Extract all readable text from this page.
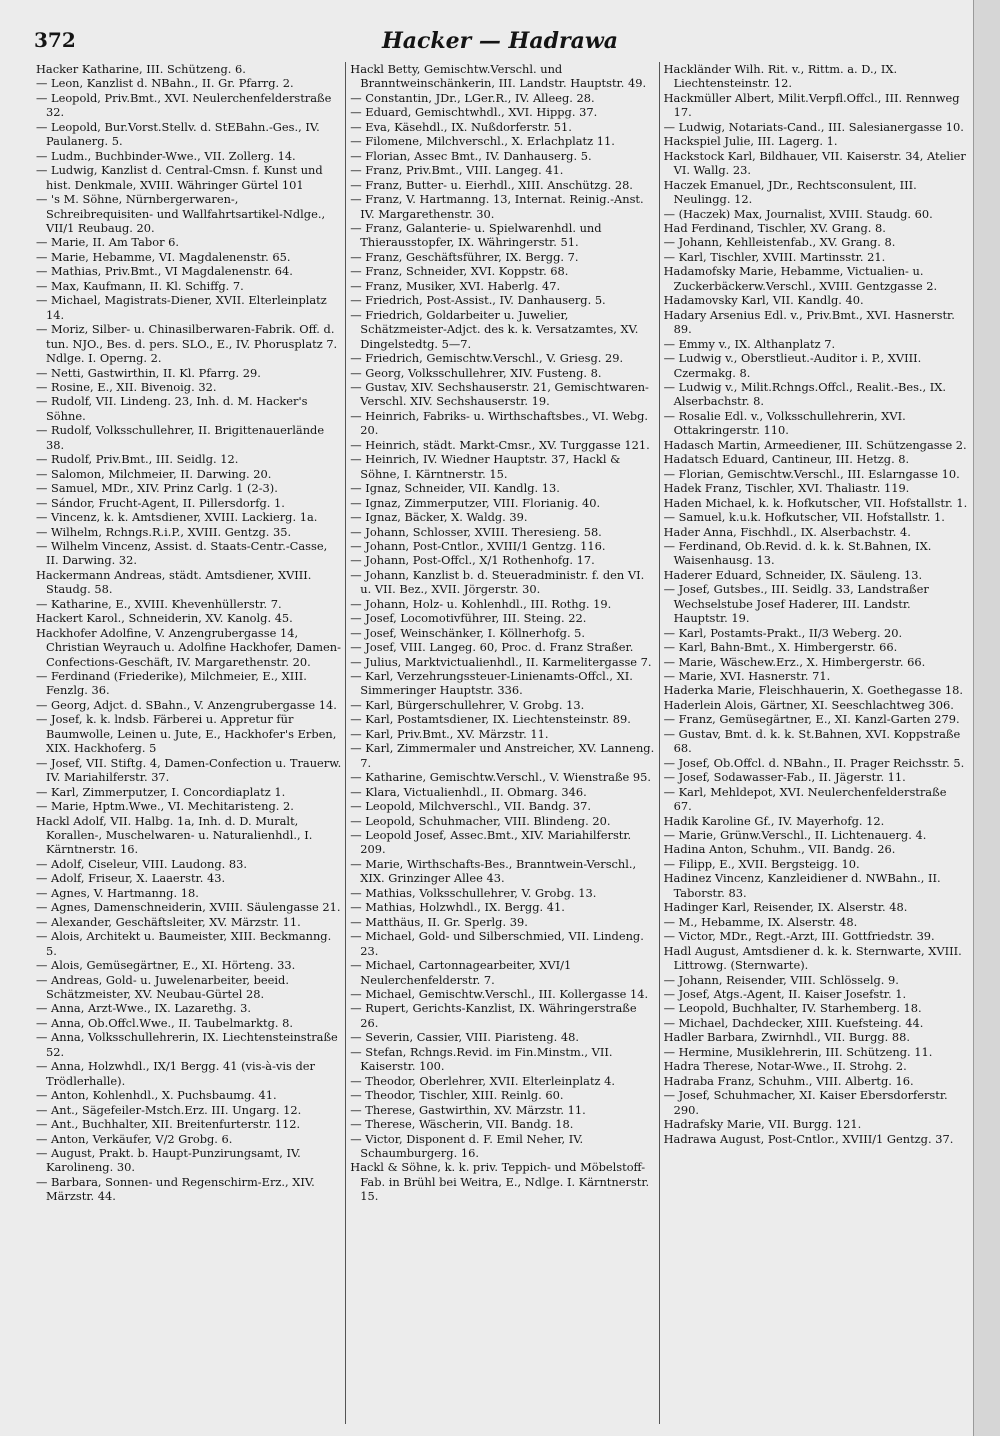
372	Hacker — Hadrawa
Hacker Katharine, III. Schützeng. 6.
— Leon, Kanzlist d. NBahn., II. Gr. Pfarrg. 2.
— Leopold, Priv.Bmt., XVI. Neulerchenfelderstraße 32.
— Leopold, Bur.Vorst.Stellv. d. StEBahn.-Ges., IV. Paulanerg. 5.
— Ludm., Buchbinder-Wwe., VII. Zollerg. 14.
— Ludwig, Kanzlist d. Central-Cmsn. f. Kunst und hist. Denkmale, XVIII. Währinger Gürtel 101
— 's M. Söhne, Nürnbergerwaren-, Schreibrequisiten- und Wallfahrtsartikel-Ndlge., VII/1 Reubaug. 20.
— Marie, II. Am Tabor 6.
— Marie, Hebamme, VI. Magdalenenstr. 65.
— Mathias, Priv.Bmt., VI Magdalenenstr. 64.
— Max, Kaufmann, II. Kl. Schiffg. 7.
— Michael, Magistrats-Diener, XVII. Elterleinplatz 14.
— Moriz, Silber- u. Chinasilberwaren-Fabrik. Off. d. tun. NJO., Bes. d. pers. SLO., E., IV. Phorusplatz 7. Ndlge. I. Operng. 2.
— Netti, Gastwirthin, II. Kl. Pfarrg. 29.
— Rosine, E., XII. Bivenoig. 32.
— Rudolf, VII. Lindeng. 23, Inh. d. M. Hacker's Söhne.
— Rudolf, Volksschullehrer, II. Brigittenauerlände 38.
— Rudolf, Priv.Bmt., III. Seidlg. 12.
— Salomon, Milchmeier, II. Darwing. 20.
— Samuel, MDr., XIV. Prinz Carlg. 1 (2-3).
— Sándor, Frucht-Agent, II. Pillersdorfg. 1.
— Vincenz, k. k. Amtsdiener, XVIII. Lackierg. 1a.
— Wilhelm, Rchngs.R.i.P., XVIII. Gentzg. 35.
— Wilhelm Vincenz, Assist. d. Staats-Centr.-Casse, II. Darwing. 32.
Hackermann Andreas, städt. Amtsdiener, XVIII. Staudg. 58.
— Katharine, E., XVIII. Khevenhüllerstr. 7.
Hackert Karol., Schneiderin, XV. Kanolg. 45.
Hackhofer Adolfine, V. Anzengrubergasse 14, Christian Weyrauch u. Adolfine Hackhofer, Damen-Confections-Geschäft, IV. Margarethenstr. 20.
— Ferdinand (Friederike), Milchmeier, E., XIII. Fenzlg. 36.
— Georg, Adjct. d. SBahn., V. Anzengrubergasse 14.
— Josef, k. k. lndsb. Färberei u. Appretur für Baumwolle, Leinen u. Jute, E., Hackhofer's Erben, XIX. Hackhoferg. 5
— Josef, VII. Stiftg. 4, Damen-Confection u. Trauerw. IV. Mariahilferstr. 37.
— Karl, Zimmerputzer, I. Concordiaplatz 1.
— Marie, Hptm.Wwe., VI. Mechitaristeng. 2.
Hackl Adolf, VII. Halbg. 1a, Inh. d. D. Muralt, Korallen-, Muschelwaren- u. Naturalienhdl., I. Kärntnerstr. 16.
— Adolf, Ciseleur, VIII. Laudong. 83.
— Adolf, Friseur, X. Laaerstr. 43.
— Agnes, V. Hartmanng. 18.
— Agnes, Damenschneiderin, XVIII. Säulengasse 21.
— Alexander, Geschäftsleiter, XV. Märzstr. 11.
— Alois, Architekt u. Baumeister, XIII. Beckmanng. 5.
— Alois, Gemüsegärtner, E., XI. Hörteng. 33.
— Andreas, Gold- u. Juwelenarbeiter, beeid. Schätzmeister, XV. Neubau-Gürtel 28.
— Anna, Arzt-Wwe., IX. Lazarethg. 3.
— Anna, Ob.Offcl.Wwe., II. Taubelmarktg. 8.
— Anna, Volksschullehrerin, IX. Liechtensteinstraße 52.
— Anna, Holzwhdl., IX/1 Bergg. 41 (vis-à-vis der Trödlerhalle).
— Anton, Kohlenhdl., X. Puchsbaumg. 41.
— Ant., Sägefeiler-Mstch.Erz. III. Ungarg. 12.
— Ant., Buchhalter, XII. Breitenfurterstr. 112.
— Anton, Verkäufer, V/2 Grobg. 6.
— August, Prakt. b. Haupt-Punzirungsamt, IV. Karolineng. 30.
— Barbara, Sonnen- und Regenschirm-Erz., XIV. Märzstr. 44.
Hackl Betty, Gemischtw.Verschl. und Branntweinschänkerin, III. Landstr. Hauptstr. 49.
— Constantin, JDr., LGer.R., IV. Alleeg. 28.
— Eduard, Gemischtwhdl., XVI. Hippg. 37.
— Eva, Käsehdl., IX. Nußdorferstr. 51.
— Filomene, Milchverschl., X. Erlachplatz 11.
— Florian, Assec Bmt., IV. Danhauserg. 5.
— Franz, Priv.Bmt., VIII. Langeg. 41.
— Franz, Butter- u. Eierhdl., XIII. Anschützg. 28.
— Franz, V. Hartmanng. 13, Internat. Reinig.-Anst. IV. Margarethenstr. 30.
— Franz, Galanterie- u. Spielwarenhdl. und Thierausstopfer, IX. Währingerstr. 51.
— Franz, Geschäftsführer, IX. Bergg. 7.
— Franz, Schneider, XVI. Koppstr. 68.
— Franz, Musiker, XVI. Haberlg. 47.
— Friedrich, Post-Assist., IV. Danhauserg. 5.
— Friedrich, Goldarbeiter u. Juwelier, Schätzmeister-Adjct. des k. k. Versatzamtes, XV. Dingelstedtg. 5—7.
— Friedrich, Gemischtw.Verschl., V. Griesg. 29.
— Georg, Volksschullehrer, XIV. Fusteng. 8.
— Gustav, XIV. Sechshauserstr. 21, Gemischtwaren-Verschl. XIV. Sechshauserstr. 19.
— Heinrich, Fabriks- u. Wirthschaftsbes., VI. Webg. 20.
— Heinrich, städt. Markt-Cmsr., XV. Turggasse 121.
— Heinrich, IV. Wiedner Hauptstr. 37, Hackl & Söhne, I. Kärntnerstr. 15.
— Ignaz, Schneider, VII. Kandlg. 13.
— Ignaz, Zimmerputzer, VIII. Florianig. 40.
— Ignaz, Bäcker, X. Waldg. 39.
— Johann, Schlosser, XVIII. Theresieng. 58.
— Johann, Post-Cntlor., XVIII/1 Gentzg. 116.
— Johann, Post-Offcl., X/1 Rothenhofg. 17.
— Johann, Kanzlist b. d. Steueradministr. f. den VI. u. VII. Bez., XVII. Jörgerstr. 30.
— Johann, Holz- u. Kohlenhdl., III. Rothg. 19.
— Josef, Locomotivführer, III. Steing. 22.
— Josef, Weinschänker, I. Köllnerhofg. 5.
— Josef, VIII. Langeg. 60, Proc. d. Franz Straßer.
— Julius, Marktvictualienhdl., II. Karmelitergasse 7.
— Karl, Verzehrungssteuer-Linienamts-Offcl., XI. Simmeringer Hauptstr. 336.
— Karl, Bürgerschullehrer, V. Grobg. 13.
— Karl, Postamtsdiener, IX. Liechtensteinstr. 89.
— Karl, Priv.Bmt., XV. Märzstr. 11.
— Karl, Zimmermaler und Anstreicher, XV. Lanneng. 7.
— Katharine, Gemischtw.Verschl., V. Wienstraße 95.
— Klara, Victualienhdl., II. Obmarg. 346.
— Leopold, Milchverschl., VII. Bandg. 37.
— Leopold, Schuhmacher, VIII. Blindeng. 20.
— Leopold Josef, Assec.Bmt., XIV. Mariahilferstr. 209.
— Marie, Wirthschafts-Bes., Branntwein-Verschl., XIX. Grinzinger Allee 43.
— Mathias, Volksschullehrer, V. Grobg. 13.
— Mathias, Holzwhdl., IX. Bergg. 41.
— Matthäus, II. Gr. Sperlg. 39.
— Michael, Gold- und Silberschmied, VII. Lindeng. 23.
— Michael, Cartonnagearbeiter, XVI/1 Neulerchenfelderstr. 7.
— Michael, Gemischtw.Verschl., III. Kollergasse 14.
— Rupert, Gerichts-Kanzlist, IX. Währingerstraße 26.
— Severin, Cassier, VIII. Piaristeng. 48.
— Stefan, Rchngs.Revid. im Fin.Minstm., VII. Kaiserstr. 100.
— Theodor, Oberlehrer, XVII. Elterleinplatz 4.
— Theodor, Tischler, XIII. Reinlg. 60.
— Therese, Gastwirthin, XV. Märzstr. 11.
— Therese, Wäscherin, VII. Bandg. 18.
— Victor, Disponent d. F. Emil Neher, IV. Schaumburgerg. 16.
Hackl & Söhne, k. k. priv. Teppich- und Möbelstoff-Fab. in Brühl bei Weitra, E., Ndlge. I. Kärntnerstr. 15.
Hackländer Wilh. Rit. v., Rittm. a. D., IX. Liechtensteinstr. 12.
Hackmüller Albert, Milit.Verpfl.Offcl., III. Rennweg 17.
— Ludwig, Notariats-Cand., III. Salesianergasse 10.
Hackspiel Julie, III. Lagerg. 1.
Hackstock Karl, Bildhauer, VII. Kaiserstr. 34, Atelier VI. Wallg. 23.
Haczek Emanuel, JDr., Rechtsconsulent, III. Neulingg. 12.
— (Haczek) Max, Journalist, XVIII. Staudg. 60.
Had Ferdinand, Tischler, XV. Grang. 8.
— Johann, Kehlleistenfab., XV. Grang. 8.
— Karl, Tischler, XVIII. Martinsstr. 21.
Hadamofsky Marie, Hebamme, Victualien- u. Zuckerbäckerw.Verschl., XVIII. Gentzgasse 2.
Hadamovsky Karl, VII. Kandlg. 40.
Hadary Arsenius Edl. v., Priv.Bmt., XVI. Hasnerstr. 89.
— Emmy v., IX. Althanplatz 7.
— Ludwig v., Oberstlieut.-Auditor i. P., XVIII. Czermakg. 8.
— Ludwig v., Milit.Rchngs.Offcl., Realit.-Bes., IX. Alserbachstr. 8.
— Rosalie Edl. v., Volksschullehrerin, XVI. Ottakringerstr. 110.
Hadasch Martin, Armeediener, III. Schützengasse 2.
Hadatsch Eduard, Cantineur, III. Hetzg. 8.
— Florian, Gemischtw.Verschl., III. Eslarngasse 10.
Hadek Franz, Tischler, XVI. Thaliastr. 119.
Haden Michael, k. k. Hofkutscher, VII. Hofstallstr. 1.
— Samuel, k.u.k. Hofkutscher, VII. Hofstallstr. 1.
Hader Anna, Fischhdl., IX. Alserbachstr. 4.
— Ferdinand, Ob.Revid. d. k. k. St.Bahnen, IX. Waisenhausg. 13.
Haderer Eduard, Schneider, IX. Säuleng. 13.
— Josef, Gutsbes., III. Seidlg. 33, Landstraßer Wechselstube Josef Haderer, III. Landstr. Hauptstr. 19.
— Karl, Postamts-Prakt., II/3 Weberg. 20.
— Karl, Bahn-Bmt., X. Himbergerstr. 66.
— Marie, Wäschew.Erz., X. Himbergerstr. 66.
— Marie, XVI. Hasnerstr. 71.
Haderka Marie, Fleischhauerin, X. Goethegasse 18.
Haderlein Alois, Gärtner, XI. Seeschlachtweg 306.
— Franz, Gemüsegärtner, E., XI. Kanzl-Garten 279.
— Gustav, Bmt. d. k. k. St.Bahnen, XVI. Koppstraße 68.
— Josef, Ob.Offcl. d. NBahn., II. Prager Reichsstr. 5.
— Josef, Sodawasser-Fab., II. Jägerstr. 11.
— Karl, Mehldepot, XVI. Neulerchenfelderstraße 67.
Hadik Karoline Gf., IV. Mayerhofg. 12.
— Marie, Grünw.Verschl., II. Lichtenauerg. 4.
Hadina Anton, Schuhm., VII. Bandg. 26.
— Filipp, E., XVII. Bergsteigg. 10.
Hadinez Vincenz, Kanzleidiener d. NWBahn., II. Taborstr. 83.
Hadinger Karl, Reisender, IX. Alserstr. 48.
— M., Hebamme, IX. Alserstr. 48.
— Victor, MDr., Regt.-Arzt, III. Gottfriedstr. 39.
Hadl August, Amtsdiener d. k. k. Sternwarte, XVIII. Littrowg. (Sternwarte).
— Johann, Reisender, VIII. Schlösselg. 9.
— Josef, Atgs.-Agent, II. Kaiser Josefstr. 1.
— Leopold, Buchhalter, IV. Starhemberg. 18.
— Michael, Dachdecker, XIII. Kuefsteing. 44.
Hadler Barbara, Zwirnhdl., VII. Burgg. 88.
— Hermine, Musiklehrerin, III. Schützeng. 11.
Hadra Therese, Notar-Wwe., II. Strohg. 2.
Hadraba Franz, Schuhm., VIII. Albertg. 16.
— Josef, Schuhmacher, XI. Kaiser Ebersdorferstr. 290.
Hadrafsky Marie, VII. Burgg. 121.
Hadrawa August, Post-Cntlor., XVIII/1 Gentzg. 37.
